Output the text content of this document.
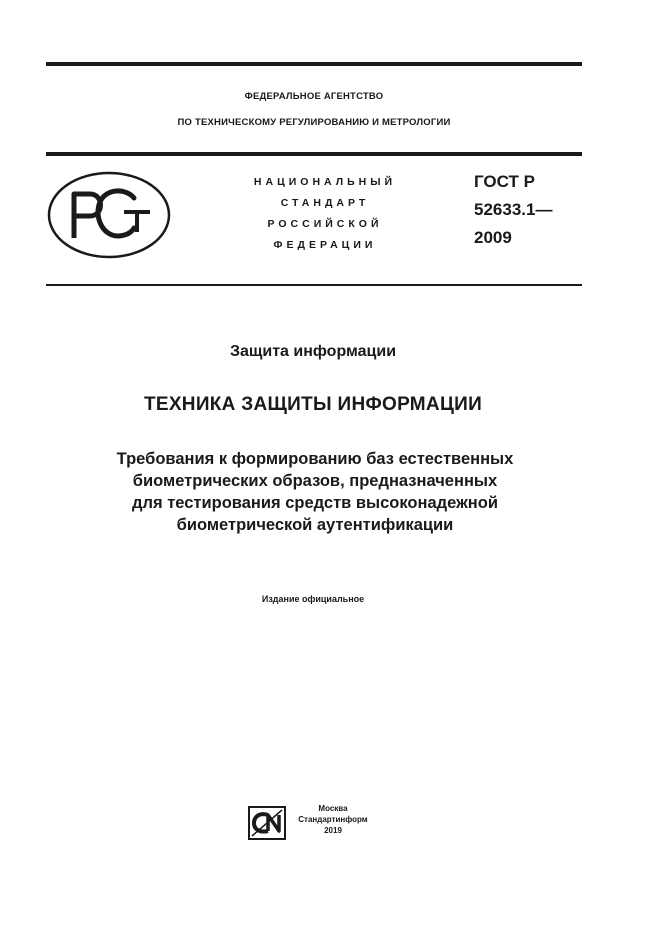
ФЕДЕРАЛЬНОЕ АГЕНТСТВО
ПО ТЕХНИЧЕСКОМУ РЕГУЛИРОВАНИЮ И МЕТРОЛОГИИ
НАЦИОНАЛЬНЫЙ
СТАНДАРТ
РОССИЙСКОЙ
ФЕДЕРАЦИИ
ГОСТ Р
52633.1—
2009
Защита информации
ТЕХНИКА ЗАЩИТЫ ИНФОРМАЦИИ
Требования к формированию баз естественных
биометрических образов, предназначенных
для тестирования средств высоконадежной
биометрической аутентификации
Издание официальное
Москва
Стандартинформ
2019
